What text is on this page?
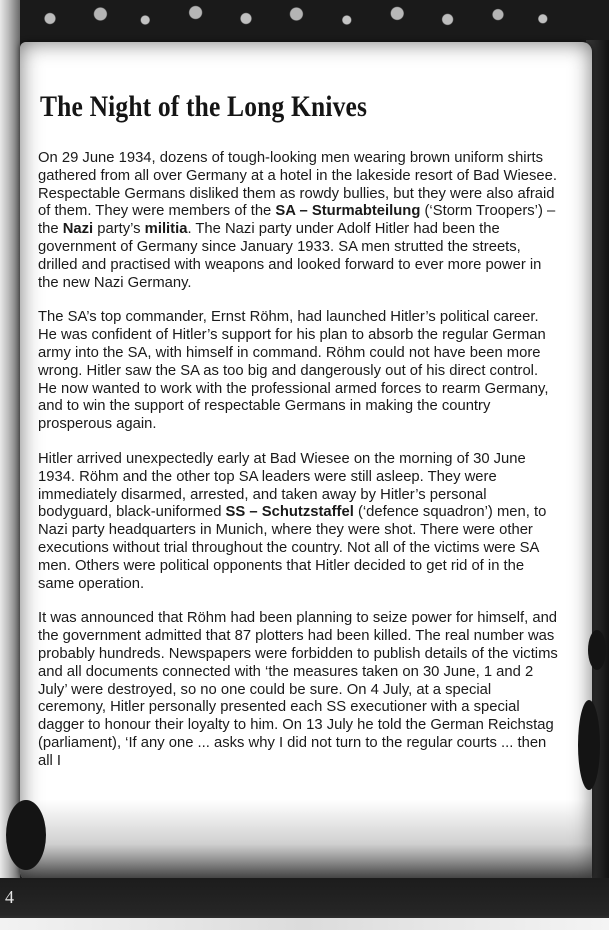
The Night of the Long Knives

On 29 June 1934, dozens of tough-looking men wearing brown uniform shirts gathered from all over Germany at a hotel in the lakeside resort of Bad Wiesee. Respectable Germans disliked them as rowdy bullies, but they were also afraid of them. They were members of the SA – Sturmabteilung (‘Storm Troopers’) – the Nazi party’s militia. The Nazi party under Adolf Hitler had been the government of Germany since January 1933. SA men strutted the streets, drilled and practised with weapons and looked forward to ever more power in the new Nazi Germany.

The SA’s top commander, Ernst Röhm, had launched Hitler’s political career. He was confident of Hitler’s support for his plan to absorb the regular German army into the SA, with himself in command. Röhm could not have been more wrong. Hitler saw the SA as too big and dangerously out of his direct control. He now wanted to work with the professional armed forces to rearm Germany, and to win the support of respectable Germans in making the country prosperous again.

Hitler arrived unexpectedly early at Bad Wiesee on the morning of 30 June 1934. Röhm and the other top SA leaders were still asleep. They were immediately disarmed, arrested, and taken away by Hitler’s personal bodyguard, black-uniformed SS – Schutzstaffel (‘defence squadron’) men, to Nazi party headquarters in Munich, where they were shot. There were other executions without trial throughout the country. Not all of the victims were SA men. Others were political opponents that Hitler decided to get rid of in the same operation.

It was announced that Röhm had been planning to seize power for himself, and the government admitted that 87 plotters had been killed. The real number was probably hundreds. Newspapers were forbidden to publish details of the victims and all documents connected with ‘the measures taken on 30 June, 1 and 2 July’ were destroyed, so no one could be sure. On 4 July, at a special ceremony, Hitler personally presented each SS executioner with a special dagger to honour their loyalty to him. On 13 July he told the German Reichstag (parliament), ‘If any one ... asks why I did not turn to the regular courts ... then all I

4
